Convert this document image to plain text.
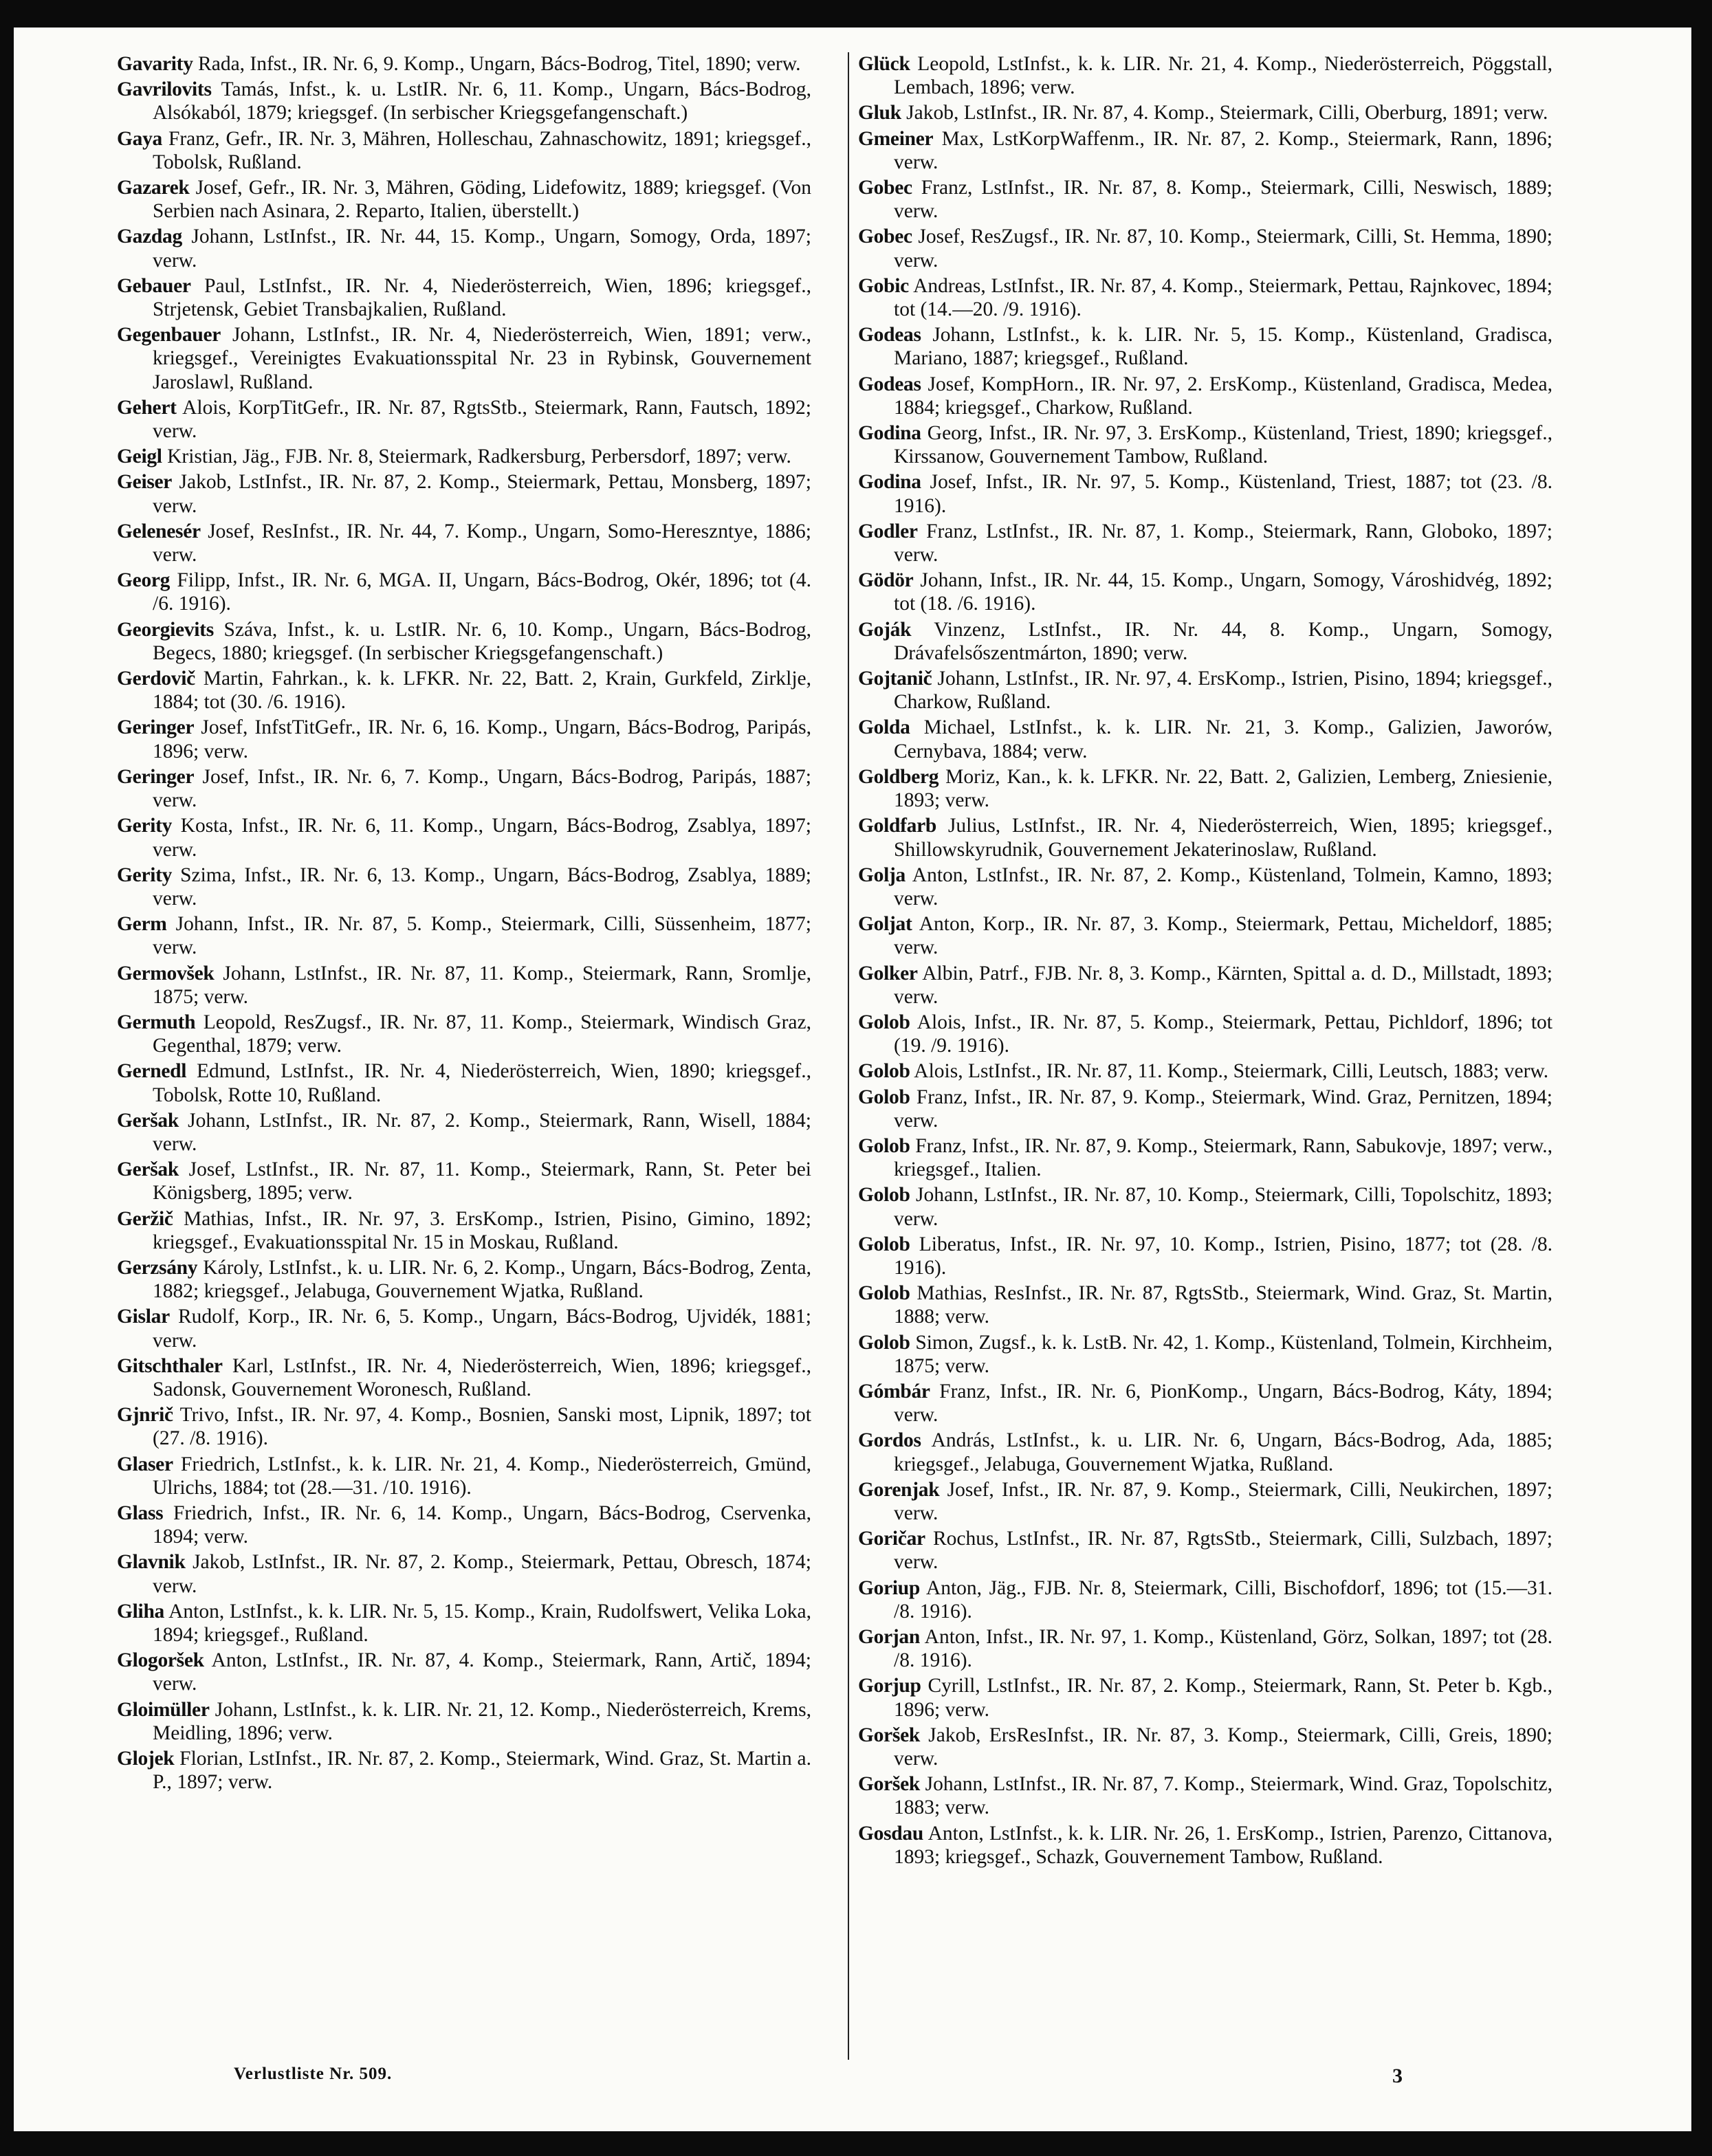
Gavarity Rada, Infst., IR. Nr. 6, 9. Komp., Ungarn, Bács-Bodrog, Titel, 1890; verw.

Gavrilovits Tamás, Infst., k. u. LstIR. Nr. 6, 11. Komp., Ungarn, Bács-Bodrog, Alsókaból, 1879; kriegsgef. (In serbischer Kriegsgefangenschaft.)

Gaya Franz, Gefr., IR. Nr. 3, Mähren, Holleschau, Zahnaschowitz, 1891; kriegsgef., Tobolsk, Rußland.

Gazarek Josef, Gefr., IR. Nr. 3, Mähren, Göding, Lidefowitz, 1889; kriegsgef. (Von Serbien nach Asinara, 2. Reparto, Italien, überstellt.)

Gazdag Johann, LstInfst., IR. Nr. 44, 15. Komp., Ungarn, Somogy, Orda, 1897; verw.

Gebauer Paul, LstInfst., IR. Nr. 4, Niederösterreich, Wien, 1896; kriegsgef., Strjetensk, Gebiet Transbajkalien, Rußland.

Gegenbauer Johann, LstInfst., IR. Nr. 4, Niederösterreich, Wien, 1891; verw., kriegsgef., Vereinigtes Evakuationsspital Nr. 23 in Rybinsk, Gouvernement Jaroslawl, Rußland.

Gehert Alois, KorpTitGefr., IR. Nr. 87, RgtsStb., Steiermark, Rann, Fautsch, 1892; verw.

Geigl Kristian, Jäg., FJB. Nr. 8, Steiermark, Radkersburg, Perbersdorf, 1897; verw.

Geiser Jakob, LstInfst., IR. Nr. 87, 2. Komp., Steiermark, Pettau, Monsberg, 1897; verw.

Gelenesér Josef, ResInfst., IR. Nr. 44, 7. Komp., Ungarn, Somo-Hereszntye, 1886; verw.

Georg Filipp, Infst., IR. Nr. 6, MGA. II, Ungarn, Bács-Bodrog, Okér, 1896; tot (4. /6. 1916).

Georgievits Száva, Infst., k. u. LstIR. Nr. 6, 10. Komp., Ungarn, Bács-Bodrog, Begecs, 1880; kriegsgef. (In serbischer Kriegsgefangenschaft.)

Gerdovič Martin, Fahrkan., k. k. LFKR. Nr. 22, Batt. 2, Krain, Gurkfeld, Zirklje, 1884; tot (30. /6. 1916).

Geringer Josef, InfstTitGefr., IR. Nr. 6, 16. Komp., Ungarn, Bács-Bodrog, Paripás, 1896; verw.

Geringer Josef, Infst., IR. Nr. 6, 7. Komp., Ungarn, Bács-Bodrog, Paripás, 1887; verw.

Gerity Kosta, Infst., IR. Nr. 6, 11. Komp., Ungarn, Bács-Bodrog, Zsablya, 1897; verw.

Gerity Szima, Infst., IR. Nr. 6, 13. Komp., Ungarn, Bács-Bodrog, Zsablya, 1889; verw.

Germ Johann, Infst., IR. Nr. 87, 5. Komp., Steiermark, Cilli, Süssenheim, 1877; verw.

Germovšek Johann, LstInfst., IR. Nr. 87, 11. Komp., Steiermark, Rann, Sromlje, 1875; verw.

Germuth Leopold, ResZugsf., IR. Nr. 87, 11. Komp., Steiermark, Windisch Graz, Gegenthal, 1879; verw.

Gernedl Edmund, LstInfst., IR. Nr. 4, Niederösterreich, Wien, 1890; kriegsgef., Tobolsk, Rotte 10, Rußland.

Geršak Johann, LstInfst., IR. Nr. 87, 2. Komp., Steiermark, Rann, Wisell, 1884; verw.

Geršak Josef, LstInfst., IR. Nr. 87, 11. Komp., Steiermark, Rann, St. Peter bei Königsberg, 1895; verw.

Geržič Mathias, Infst., IR. Nr. 97, 3. ErsKomp., Istrien, Pisino, Gimino, 1892; kriegsgef., Evakuationsspital Nr. 15 in Moskau, Rußland.

Gerzsány Károly, LstInfst., k. u. LIR. Nr. 6, 2. Komp., Ungarn, Bács-Bodrog, Zenta, 1882; kriegsgef., Jelabuga, Gouvernement Wjatka, Rußland.

Gislar Rudolf, Korp., IR. Nr. 6, 5. Komp., Ungarn, Bács-Bodrog, Ujvidék, 1881; verw.

Gitschthaler Karl, LstInfst., IR. Nr. 4, Niederösterreich, Wien, 1896; kriegsgef., Sadonsk, Gouvernement Woronesch, Rußland.

Gjnrič Trivo, Infst., IR. Nr. 97, 4. Komp., Bosnien, Sanski most, Lipnik, 1897; tot (27. /8. 1916).

Glaser Friedrich, LstInfst., k. k. LIR. Nr. 21, 4. Komp., Niederösterreich, Gmünd, Ulrichs, 1884; tot (28.—31. /10. 1916).

Glass Friedrich, Infst., IR. Nr. 6, 14. Komp., Ungarn, Bács-Bodrog, Cservenka, 1894; verw.

Glavnik Jakob, LstInfst., IR. Nr. 87, 2. Komp., Steiermark, Pettau, Obresch, 1874; verw.

Gliha Anton, LstInfst., k. k. LIR. Nr. 5, 15. Komp., Krain, Rudolfswert, Velika Loka, 1894; kriegsgef., Rußland.

Glogoršek Anton, LstInfst., IR. Nr. 87, 4. Komp., Steiermark, Rann, Artič, 1894; verw.

Gloimüller Johann, LstInfst., k. k. LIR. Nr. 21, 12. Komp., Niederösterreich, Krems, Meidling, 1896; verw.

Glojek Florian, LstInfst., IR. Nr. 87, 2. Komp., Steiermark, Wind. Graz, St. Martin a. P., 1897; verw.

Glück Leopold, LstInfst., k. k. LIR. Nr. 21, 4. Komp., Niederösterreich, Pöggstall, Lembach, 1896; verw.

Gluk Jakob, LstInfst., IR. Nr. 87, 4. Komp., Steiermark, Cilli, Oberburg, 1891; verw.

Gmeiner Max, LstKorpWaffenm., IR. Nr. 87, 2. Komp., Steiermark, Rann, 1896; verw.

Gobec Franz, LstInfst., IR. Nr. 87, 8. Komp., Steiermark, Cilli, Neswisch, 1889; verw.

Gobec Josef, ResZugsf., IR. Nr. 87, 10. Komp., Steiermark, Cilli, St. Hemma, 1890; verw.

Gobic Andreas, LstInfst., IR. Nr. 87, 4. Komp., Steiermark, Pettau, Rajnkovec, 1894; tot (14.—20. /9. 1916).

Godeas Johann, LstInfst., k. k. LIR. Nr. 5, 15. Komp., Küstenland, Gradisca, Mariano, 1887; kriegsgef., Rußland.

Godeas Josef, KompHorn., IR. Nr. 97, 2. ErsKomp., Küstenland, Gradisca, Medea, 1884; kriegsgef., Charkow, Rußland.

Godina Georg, Infst., IR. Nr. 97, 3. ErsKomp., Küstenland, Triest, 1890; kriegsgef., Kirssanow, Gouvernement Tambow, Rußland.

Godina Josef, Infst., IR. Nr. 97, 5. Komp., Küstenland, Triest, 1887; tot (23. /8. 1916).

Godler Franz, LstInfst., IR. Nr. 87, 1. Komp., Steiermark, Rann, Globoko, 1897; verw.

Gödör Johann, Infst., IR. Nr. 44, 15. Komp., Ungarn, Somogy, Városhidvég, 1892; tot (18. /6. 1916).

Goják Vinzenz, LstInfst., IR. Nr. 44, 8. Komp., Ungarn, Somogy, Drávafelsőszentmárton, 1890; verw.

Gojtanič Johann, LstInfst., IR. Nr. 97, 4. ErsKomp., Istrien, Pisino, 1894; kriegsgef., Charkow, Rußland.

Golda Michael, LstInfst., k. k. LIR. Nr. 21, 3. Komp., Galizien, Jaworów, Cernybava, 1884; verw.

Goldberg Moriz, Kan., k. k. LFKR. Nr. 22, Batt. 2, Galizien, Lemberg, Zniesienie, 1893; verw.

Goldfarb Julius, LstInfst., IR. Nr. 4, Niederösterreich, Wien, 1895; kriegsgef., Shillowskyrudnik, Gouvernement Jekaterinoslaw, Rußland.

Golja Anton, LstInfst., IR. Nr. 87, 2. Komp., Küstenland, Tolmein, Kamno, 1893; verw.

Goljat Anton, Korp., IR. Nr. 87, 3. Komp., Steiermark, Pettau, Micheldorf, 1885; verw.

Golker Albin, Patrf., FJB. Nr. 8, 3. Komp., Kärnten, Spittal a. d. D., Millstadt, 1893; verw.

Golob Alois, Infst., IR. Nr. 87, 5. Komp., Steiermark, Pettau, Pichldorf, 1896; tot (19. /9. 1916).

Golob Alois, LstInfst., IR. Nr. 87, 11. Komp., Steiermark, Cilli, Leutsch, 1883; verw.

Golob Franz, Infst., IR. Nr. 87, 9. Komp., Steiermark, Wind. Graz, Pernitzen, 1894; verw.

Golob Franz, Infst., IR. Nr. 87, 9. Komp., Steiermark, Rann, Sabukovje, 1897; verw., kriegsgef., Italien.

Golob Johann, LstInfst., IR. Nr. 87, 10. Komp., Steiermark, Cilli, Topolschitz, 1893; verw.

Golob Liberatus, Infst., IR. Nr. 97, 10. Komp., Istrien, Pisino, 1877; tot (28. /8. 1916).

Golob Mathias, ResInfst., IR. Nr. 87, RgtsStb., Steiermark, Wind. Graz, St. Martin, 1888; verw.

Golob Simon, Zugsf., k. k. LstB. Nr. 42, 1. Komp., Küstenland, Tolmein, Kirchheim, 1875; verw.

Gómbár Franz, Infst., IR. Nr. 6, PionKomp., Ungarn, Bács-Bodrog, Káty, 1894; verw.

Gordos András, LstInfst., k. u. LIR. Nr. 6, Ungarn, Bács-Bodrog, Ada, 1885; kriegsgef., Jelabuga, Gouvernement Wjatka, Rußland.

Gorenjak Josef, Infst., IR. Nr. 87, 9. Komp., Steiermark, Cilli, Neukirchen, 1897; verw.

Goričar Rochus, LstInfst., IR. Nr. 87, RgtsStb., Steiermark, Cilli, Sulzbach, 1897; verw.

Goriup Anton, Jäg., FJB. Nr. 8, Steiermark, Cilli, Bischofdorf, 1896; tot (15.—31. /8. 1916).

Gorjan Anton, Infst., IR. Nr. 97, 1. Komp., Küstenland, Görz, Solkan, 1897; tot (28. /8. 1916).

Gorjup Cyrill, LstInfst., IR. Nr. 87, 2. Komp., Steiermark, Rann, St. Peter b. Kgb., 1896; verw.

Goršek Jakob, ErsResInfst., IR. Nr. 87, 3. Komp., Steiermark, Cilli, Greis, 1890; verw.

Goršek Johann, LstInfst., IR. Nr. 87, 7. Komp., Steiermark, Wind. Graz, Topolschitz, 1883; verw.

Gosdau Anton, LstInfst., k. k. LIR. Nr. 26, 1. ErsKomp., Istrien, Parenzo, Cittanova, 1893; kriegsgef., Schazk, Gouvernement Tambow, Rußland.

Verlustliste Nr. 509.	3
